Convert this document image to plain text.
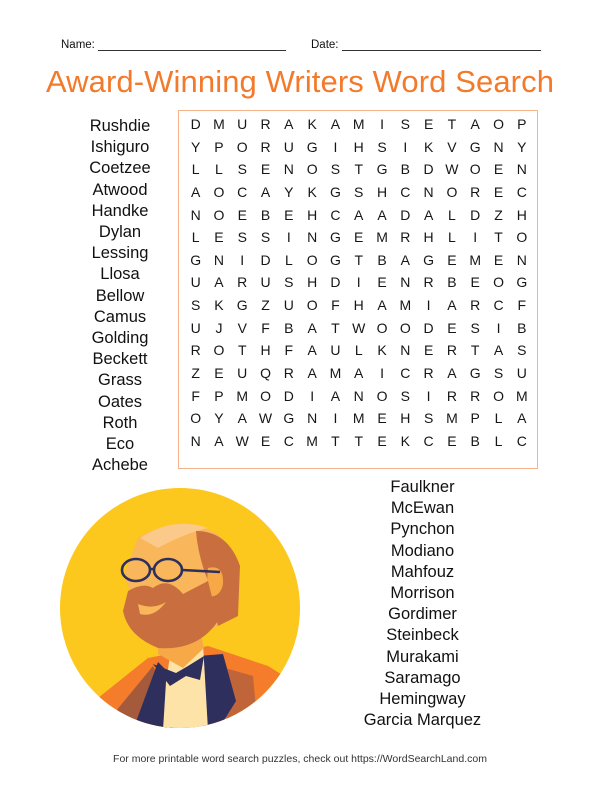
Name:	Date:
Award-Winning Writers Word Search
Rushdie
Ishiguro
Coetzee
Atwood
Handke
Dylan
Lessing
Llosa
Bellow
Camus
Golding
Beckett
Grass
Oates
Roth
Eco
Achebe
D M U R A K A M	I	S E	T	A O P
Y P O R U G	I	H S	I	K V G N Y
L	L	S E N O S	T G B D W O E N
A O C A Y K G S H C N O R E C
N O E B E H C A A D A	L	D Z H
L	E S S	I	N G E M R H	L	I	T O
G N	I	D	L O G T	B A G E M E N
U A R U S H D	I	E N R B E O G
S K G Z U O F H A M	I	A R C F
U	J	V	F	B A	T W O O D E S	I	B
R O T H F	A U	L	K N E R T	A S
Z	E U Q R A M A	I	C R A G S U
F	P M O D	I	A N O S	I	R R O M
O Y A W G N	I	M E H S M P	L	A
N A W E C M T	T	E K C E B	L	C
Faulkner
McEwan
Pynchon
Modiano
Mahfouz
Morrison
Gordimer
Steinbeck
Murakami
Saramago
Hemingway
Garcia Marquez
For more printable word search puzzles, check out https://WordSearchLand.com
